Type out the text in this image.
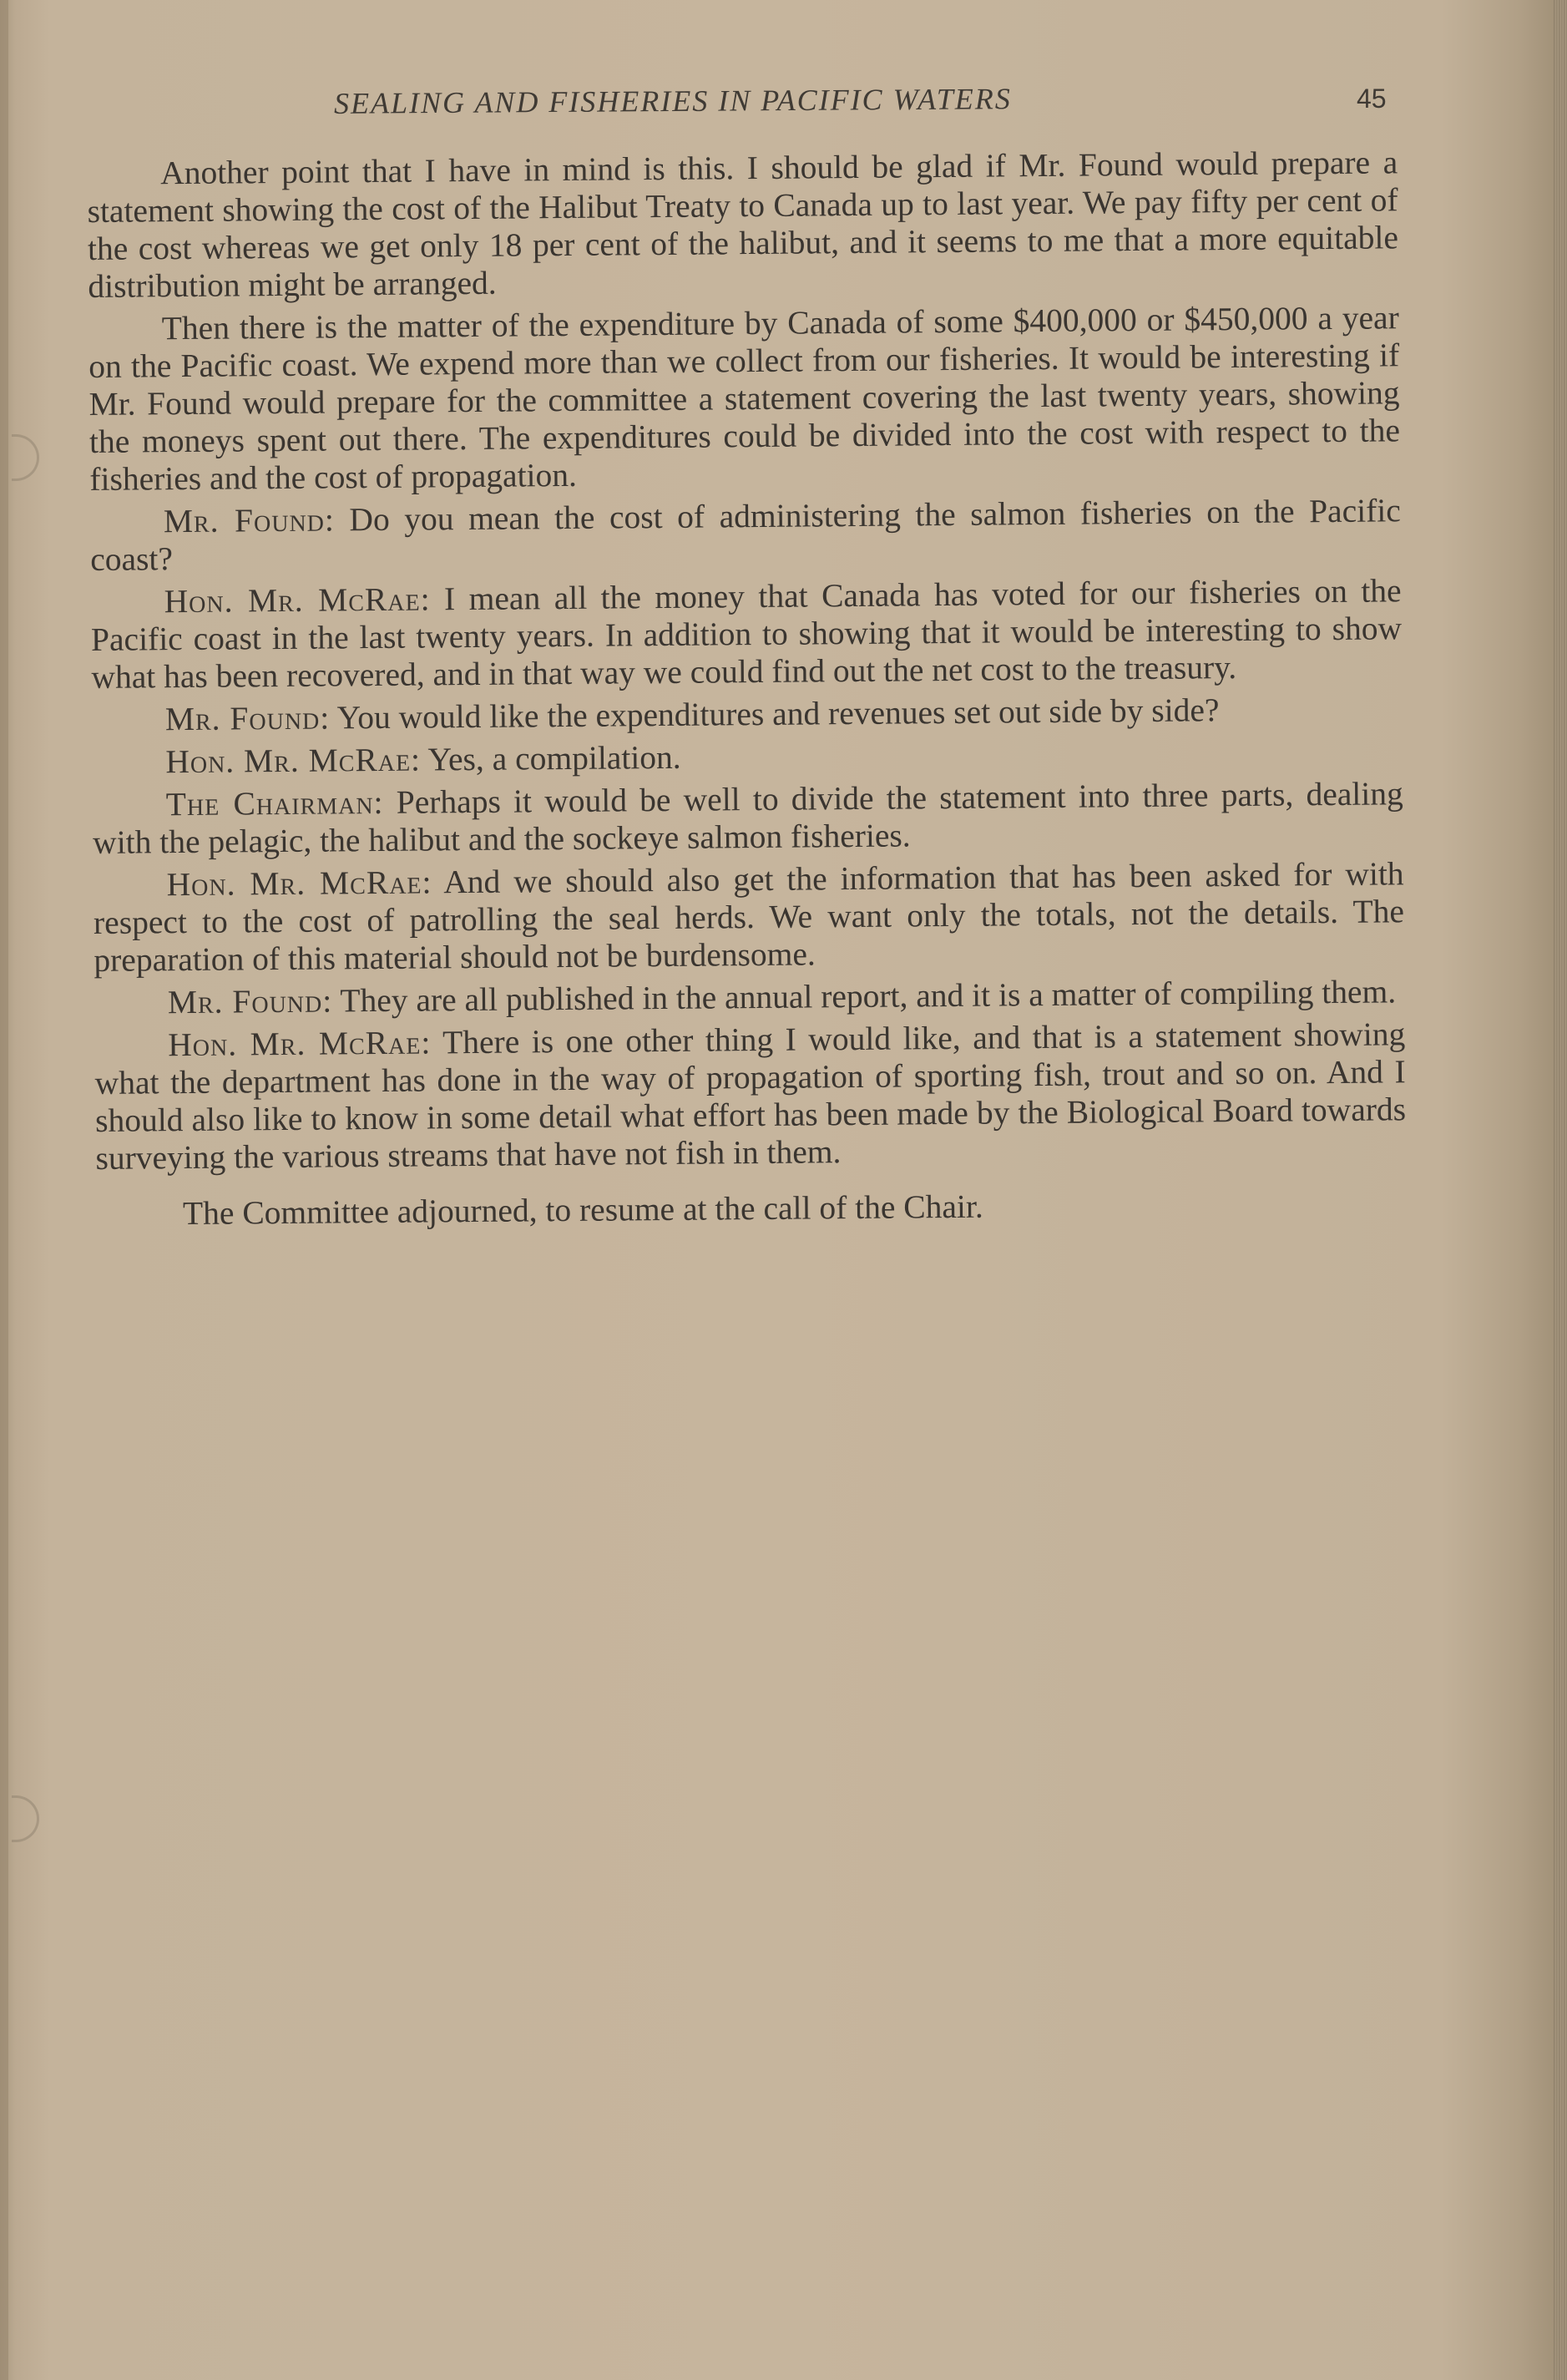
SEALING AND FISHERIES IN PACIFIC WATERS	45

Another point that I have in mind is this. I should be glad if Mr. Found would prepare a statement showing the cost of the Halibut Treaty to Canada up to last year. We pay fifty per cent of the cost whereas we get only 18 per cent of the halibut, and it seems to me that a more equitable distribution might be arranged.

Then there is the matter of the expenditure by Canada of some $400,000 or $450,000 a year on the Pacific coast. We expend more than we collect from our fisheries. It would be interesting if Mr. Found would prepare for the committee a statement covering the last twenty years, showing the moneys spent out there. The expenditures could be divided into the cost with respect to the fisheries and the cost of propagation.

Mr. Found: Do you mean the cost of administering the salmon fisheries on the Pacific coast?

Hon. Mr. McRae: I mean all the money that Canada has voted for our fisheries on the Pacific coast in the last twenty years. In addition to showing that it would be interesting to show what has been recovered, and in that way we could find out the net cost to the treasury.

Mr. Found: You would like the expenditures and revenues set out side by side?

Hon. Mr. McRae: Yes, a compilation.

The Chairman: Perhaps it would be well to divide the statement into three parts, dealing with the pelagic, the halibut and the sockeye salmon fisheries.

Hon. Mr. McRae: And we should also get the information that has been asked for with respect to the cost of patrolling the seal herds. We want only the totals, not the details. The preparation of this material should not be burdensome.

Mr. Found: They are all published in the annual report, and it is a matter of compiling them.

Hon. Mr. McRae: There is one other thing I would like, and that is a statement showing what the department has done in the way of propagation of sporting fish, trout and so on. And I should also like to know in some detail what effort has been made by the Biological Board towards surveying the various streams that have not fish in them.

The Committee adjourned, to resume at the call of the Chair.
